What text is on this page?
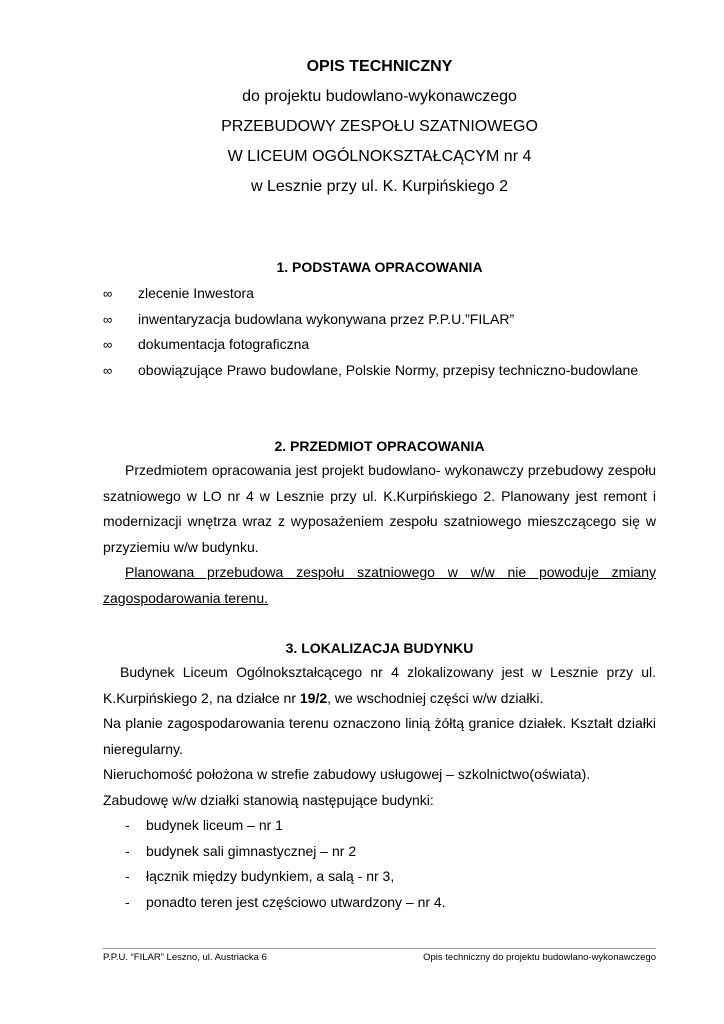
OPIS TECHNICZNY
do projektu budowlano-wykonawczego
PRZEBUDOWY ZESPOŁU SZATNIOWEGO
W LICEUM OGÓLNOKSZTAŁCĄCYM nr 4
w Lesznie przy ul. K. Kurpińskiego 2
1. PODSTAWA OPRACOWANIA
∞ zlecenie Inwestora
∞ inwentaryzacja budowlana wykonywana przez P.P.U.”FILAR”
∞ dokumentacja fotograficzna
∞ obowiązujące Prawo budowlane, Polskie Normy, przepisy techniczno-budowlane
2. PRZEDMIOT OPRACOWANIA
Przedmiotem opracowania jest projekt budowlano- wykonawczy przebudowy zespołu szatniowego w LO nr 4 w Lesznie przy ul. K.Kurpińskiego 2. Planowany jest remont i modernizacji wnętrza wraz z wyposażeniem zespołu szatniowego mieszczącego się w przyziemiu w/w budynku.
Planowana przebudowa zespołu szatniowego w w/w nie powoduje zmiany zagospodarowania terenu.
3. LOKALIZACJA BUDYNKU
Budynek Liceum Ogólnokształcącego nr 4 zlokalizowany jest w Lesznie przy ul. K.Kurpińskiego 2, na działce nr 19/2, we wschodniej części w/w działki.
Na planie zagospodarowania terenu oznaczono linią żółtą granice działek. Kształt działki nieregularny.
Nieruchomość położona w strefie zabudowy usługowej – szkolnictwo(oświata).
Zabudowę w/w działki stanowią następujące budynki:
- budynek liceum – nr 1
- budynek sali gimnastycznej – nr 2
- łącznik między budynkiem, a salą - nr 3,
- ponadto teren jest częściowo utwardzony – nr 4.
P.P.U. “FILAR” Leszno, ul. Austriacka 6	Opis techniczny do projektu budowlano-wykonawczego
